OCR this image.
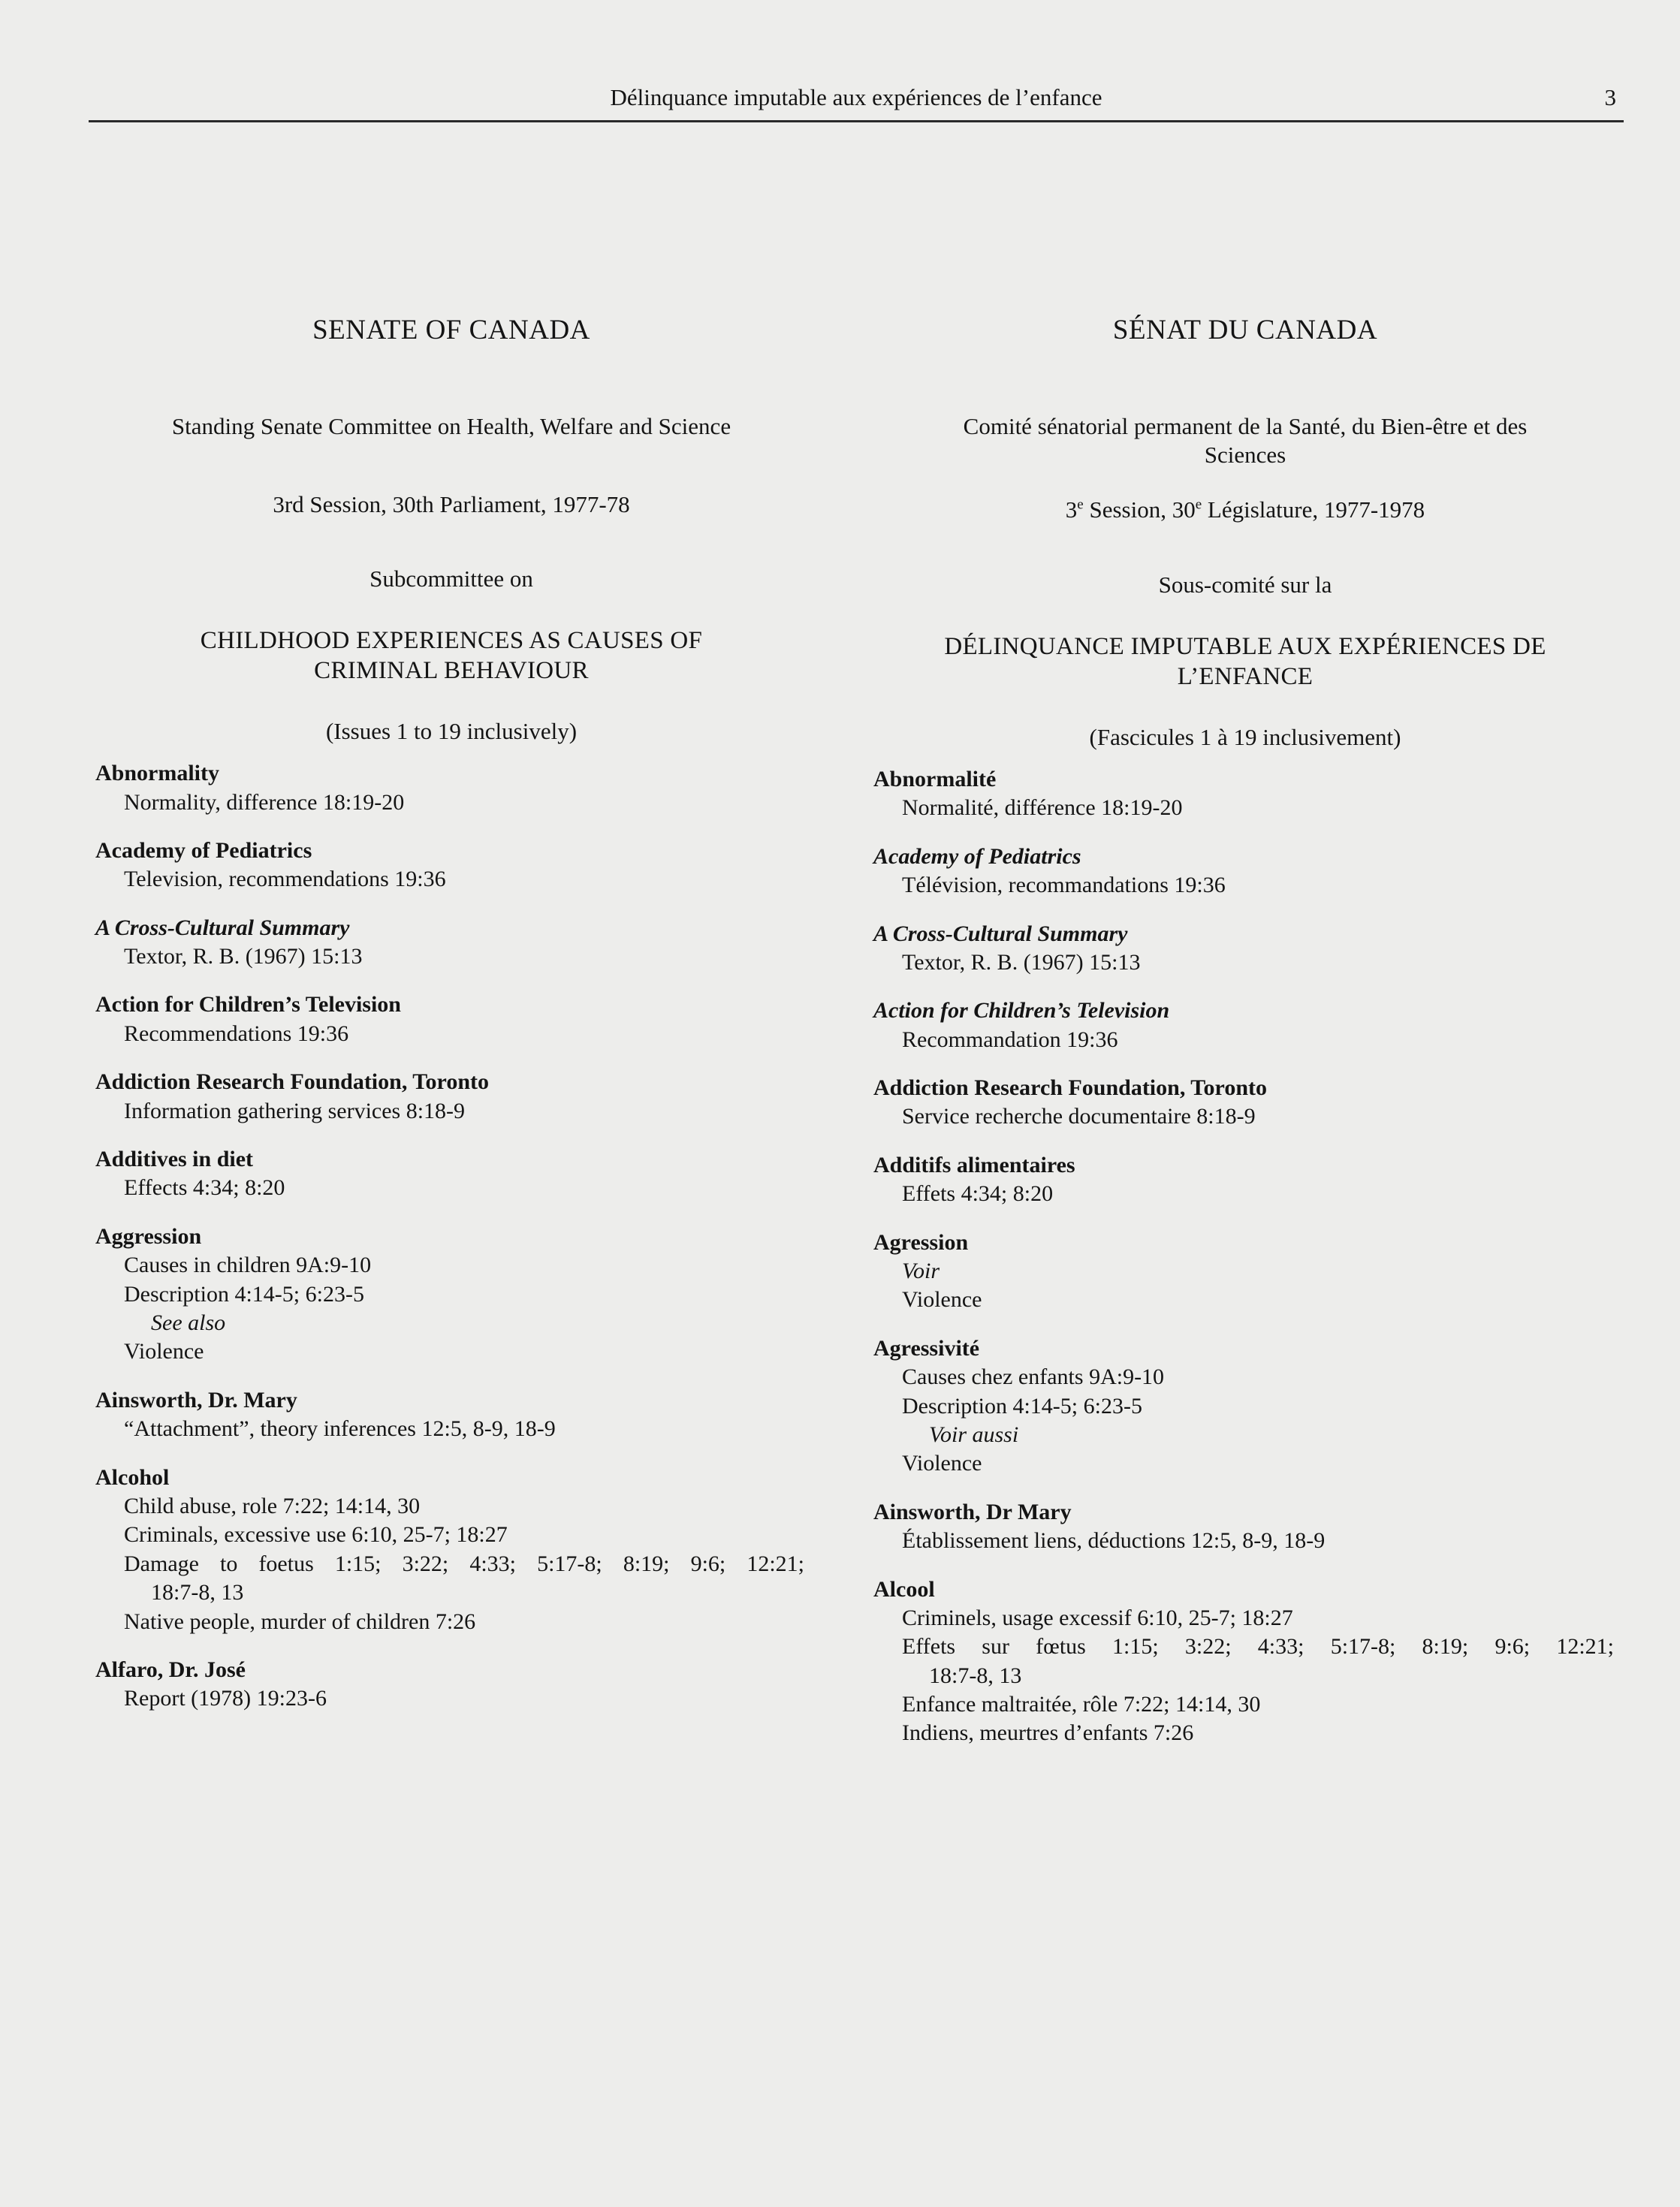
Délinquance imputable aux expériences de l’enfance	3
SENATE OF CANADA
Standing Senate Committee on Health, Welfare and Science
3rd Session, 30th Parliament, 1977-78
Subcommittee on
CHILDHOOD EXPERIENCES AS CAUSES OF
CRIMINAL BEHAVIOUR
(Issues 1 to 19 inclusively)
Abnormality
Normality, difference 18:19-20
Academy of Pediatrics
Television, recommendations 19:36
A Cross-Cultural Summary
Textor, R. B. (1967) 15:13
Action for Children’s Television
Recommendations 19:36
Addiction Research Foundation, Toronto
Information gathering services 8:18-9
Additives in diet
Effects 4:34; 8:20
Aggression
Causes in children 9A:9-10
Description 4:14-5; 6:23-5
See also
Violence
Ainsworth, Dr. Mary
“Attachment”, theory inferences 12:5, 8-9, 18-9
Alcohol
Child abuse, role 7:22; 14:14, 30
Criminals, excessive use 6:10, 25-7; 18:27
Damage to foetus 1:15; 3:22; 4:33; 5:17-8; 8:19; 9:6; 12:21;
18:7-8, 13
Native people, murder of children 7:26
Alfaro, Dr. José
Report (1978) 19:23-6
SÉNAT DU CANADA
Comité sénatorial permanent de la Santé, du Bien-être et des
Sciences
3e Session, 30e Législature, 1977-1978
Sous-comité sur la
DÉLINQUANCE IMPUTABLE AUX EXPÉRIENCES DE
L’ENFANCE
(Fascicules 1 à 19 inclusivement)
Abnormalité
Normalité, différence 18:19-20
Academy of Pediatrics
Télévision, recommandations 19:36
A Cross-Cultural Summary
Textor, R. B. (1967) 15:13
Action for Children’s Television
Recommandation 19:36
Addiction Research Foundation, Toronto
Service recherche documentaire 8:18-9
Additifs alimentaires
Effets 4:34; 8:20
Agression
Voir
Violence
Agressivité
Causes chez enfants 9A:9-10
Description 4:14-5; 6:23-5
Voir aussi
Violence
Ainsworth, Dr Mary
Établissement liens, déductions 12:5, 8-9, 18-9
Alcool
Criminels, usage excessif 6:10, 25-7; 18:27
Effets sur fœtus 1:15; 3:22; 4:33; 5:17-8; 8:19; 9:6; 12:21;
18:7-8, 13
Enfance maltraitée, rôle 7:22; 14:14, 30
Indiens, meurtres d’enfants 7:26
